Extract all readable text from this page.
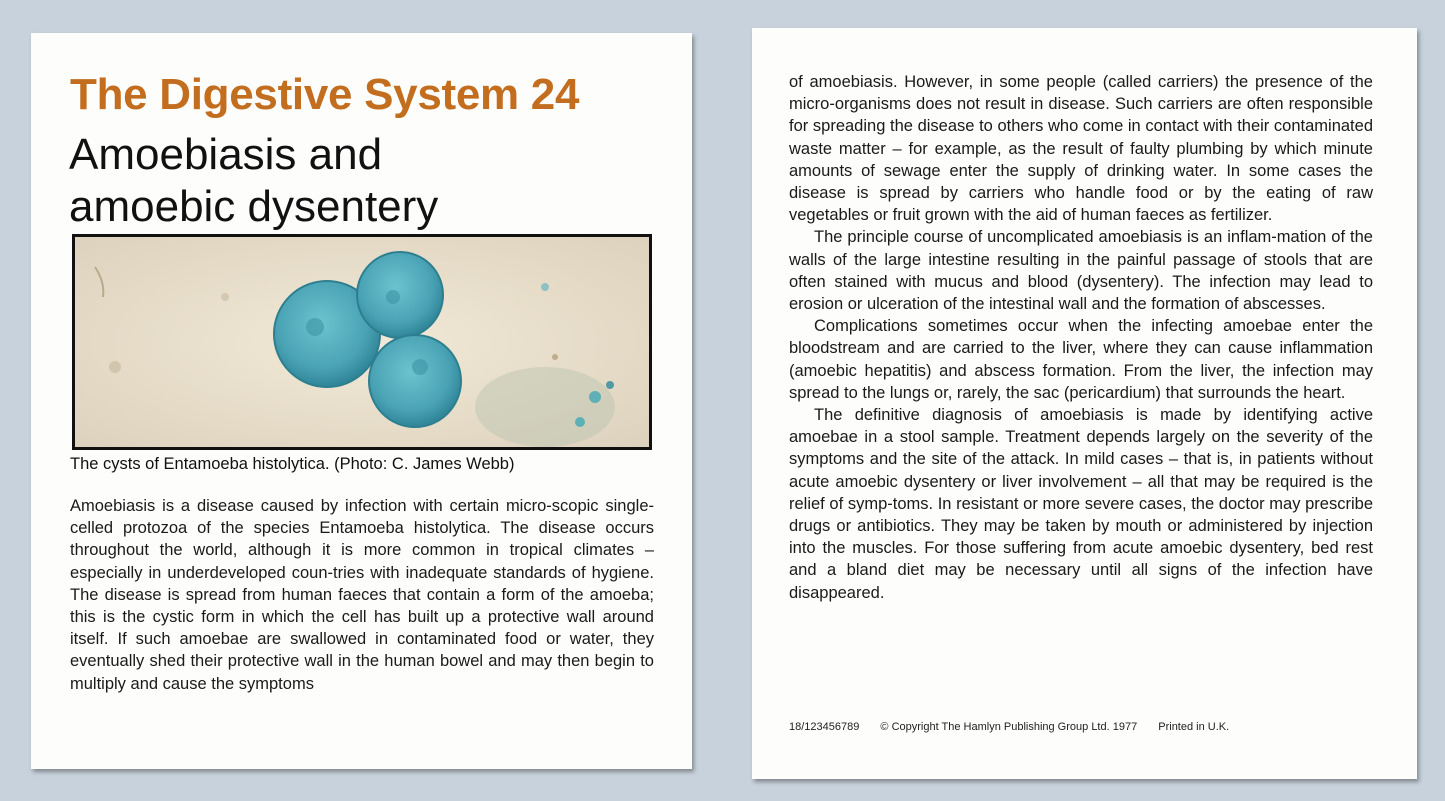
The Digestive System 24
Amoebiasis and
amoebic dysentery

The cysts of Entamoeba histolytica. (Photo: C. James Webb)

Amoebiasis is a disease caused by infection with certain micro-scopic single-celled protozoa of the species Entamoeba histolytica. The disease occurs throughout the world, although it is more common in tropical climates – especially in underdeveloped coun-tries with inadequate standards of hygiene. The disease is spread from human faeces that contain a form of the amoeba; this is the cystic form in which the cell has built up a protective wall around itself. If such amoebae are swallowed in contaminated food or water, they eventually shed their protective wall in the human bowel and may then begin to multiply and cause the symptoms

of amoebiasis. However, in some people (called carriers) the presence of the micro-organisms does not result in disease. Such carriers are often responsible for spreading the disease to others who come in contact with their contaminated waste matter – for example, as the result of faulty plumbing by which minute amounts of sewage enter the supply of drinking water. In some cases the disease is spread by carriers who handle food or by the eating of raw vegetables or fruit grown with the aid of human faeces as fertilizer.

The principle course of uncomplicated amoebiasis is an inflam-mation of the walls of the large intestine resulting in the painful passage of stools that are often stained with mucus and blood (dysentery). The infection may lead to erosion or ulceration of the intestinal wall and the formation of abscesses.

Complications sometimes occur when the infecting amoebae enter the bloodstream and are carried to the liver, where they can cause inflammation (amoebic hepatitis) and abscess formation. From the liver, the infection may spread to the lungs or, rarely, the sac (pericardium) that surrounds the heart.

The definitive diagnosis of amoebiasis is made by identifying active amoebae in a stool sample. Treatment depends largely on the severity of the symptoms and the site of the attack. In mild cases – that is, in patients without acute amoebic dysentery or liver involvement – all that may be required is the relief of symp-toms. In resistant or more severe cases, the doctor may prescribe drugs or antibiotics. They may be taken by mouth or administered by injection into the muscles. For those suffering from acute amoebic dysentery, bed rest and a bland diet may be necessary until all signs of the infection have disappeared.

18/123456789 © Copyright The Hamlyn Publishing Group Ltd. 1977 Printed in U.K.
